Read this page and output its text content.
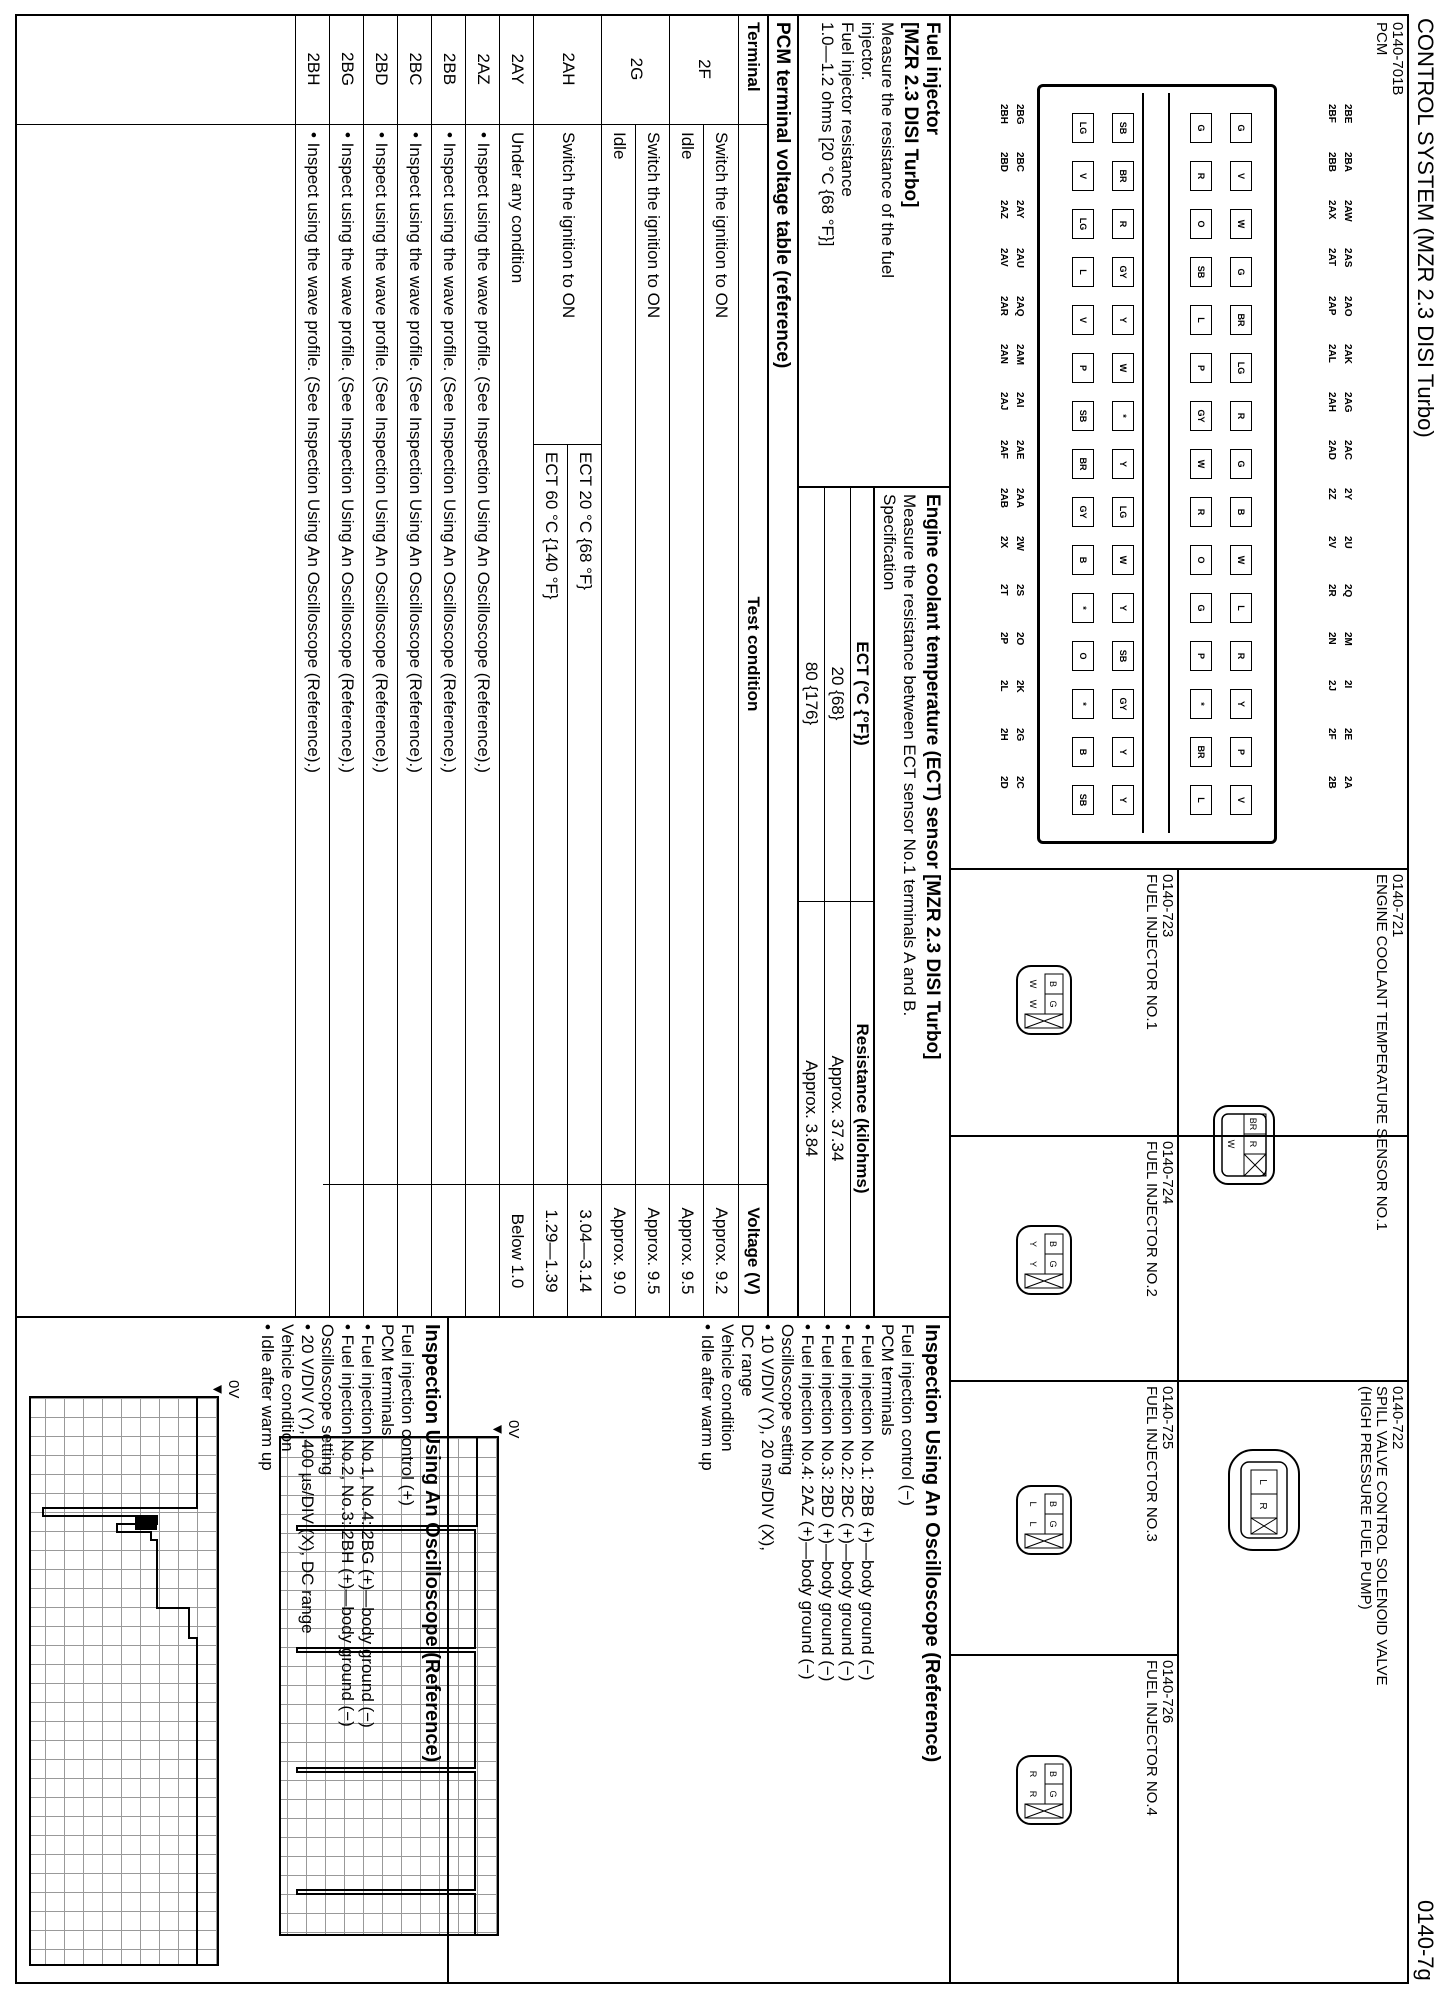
CONTROL SYSTEM (MZR 2.3 DISI Turbo)
0140-7g
0140-701B
PCM
G
V
W
G
BR
LG
R
G
B
W
L
R
Y
P
V
G
R
O
SB
L
P
GY
W
R
O
G
P
*
BR
L
SB
BR
R
GY
Y
W
*
Y
LG
W
Y
SB
GY
Y
Y
LG
V
LG
L
V
P
SB
BR
GY
B
*
O
*
B
SB
0140-721
ENGINE COOLANT TEMPERATURE SENSOR NO.1
BR
R
W
0140-722
SPILL VALVE CONTROL SOLENOID VALVE
(HIGH PRESSURE FUEL PUMP)
L
R
0140-723
FUEL INJECTOR NO.1
0140-724
FUEL INJECTOR NO.2
0140-725
FUEL INJECTOR NO.3
0140-726
FUEL INJECTOR NO.4
B
G
W
W
B
G
Y
Y
B
G
L
L
B
G
R
R
Fuel injector
[MZR 2.3 DISI Turbo]
Measure the resistance of the fuel
injector.
Fuel injector resistance
1.0—1.2 ohms [20 °C {68 °F}]
Engine coolant temperature (ECT) sensor [MZR 2.3 DISI Turbo]
Measure the resistance between ECT sensor No.1 terminals A and B.
Specification
ECT (°C {°F})
Resistance (kilohms)
20 {68}
Approx. 37.34
80 {176}
Approx. 3.84
PCM terminal voltage table (reference)
Terminal
Test condition
Voltage (V)
2F
2G
2AH
2AY
2AZ
2BB
2BC
2BD
2BG
2BH
Switch the ignition to ON
Approx. 9.2
Idle
Approx. 9.5
Switch the ignition to ON
Approx. 9.5
Idle
Approx. 9.0
Switch the ignition to ON
ECT 20 °C {68 °F}
3.04—3.14
ECT 60 °C {140 °F}
1.29—1.39
Under any condition
Below 1.0
• Inspect using the wave profile. (See Inspection Using An Oscilloscope (Reference).)
• Inspect using the wave profile. (See Inspection Using An Oscilloscope (Reference).)
• Inspect using the wave profile. (See Inspection Using An Oscilloscope (Reference).)
• Inspect using the wave profile. (See Inspection Using An Oscilloscope (Reference).)
• Inspect using the wave profile. (See Inspection Using An Oscilloscope (Reference).)
• Inspect using the wave profile. (See Inspection Using An Oscilloscope (Reference).)
Inspection Using An Oscilloscope (Reference)
0V
▼
Inspection Using An Oscilloscope (Reference)
0V
▼
2BE
2BA
2AW
2AS
2AO
2AK
2AG
2AC
2Y
2U
2Q
2M
2I
2E
2A
2BF
2BB
2AX
2AT
2AP
2AL
2AH
2AD
2Z
2V
2R
2N
2J
2F
2B
2BG
2BC
2AY
2AU
2AQ
2AM
2AI
2AE
2AA
2W
2S
2O
2K
2G
2C
2BH
2BD
2AZ
2AV
2AR
2AN
2AJ
2AF
2AB
2X
2T
2P
2L
2H
2D
Fuel injection control (−)
PCM terminals
• Fuel injection No.1: 2BB (+)—body ground (−)
• Fuel injection No.2: 2BC (+)—body ground (−)
• Fuel injection No.3: 2BD (+)—body ground (−)
• Fuel injection No.4: 2AZ (+)—body ground (−)
Oscilloscope setting
• 10 V/DIV (Y), 20 ms/DIV (X),
DC range
Vehicle condition
• Idle after warm up
Fuel injection control (+)
PCM terminals
• Fuel injection No.1, No.4: 2BG (+)—body ground (−)
• Fuel injection No.2, No.3: 2BH (+)—body ground (−)
Oscilloscope setting
• 20 V/DIV (Y), 400 µs/DIV (X), DC range
Vehicle condition
• Idle after warm up
